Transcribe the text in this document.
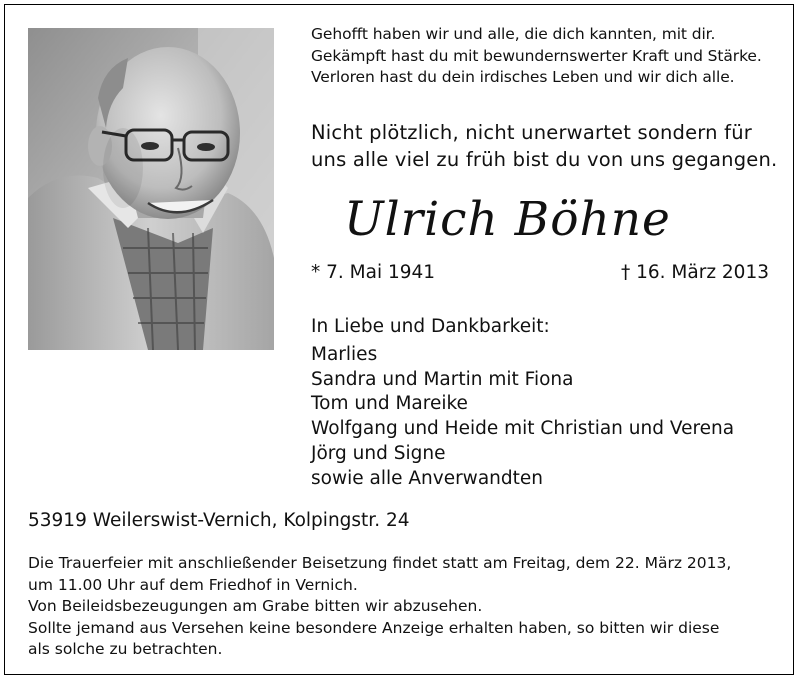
Gehofft haben wir und alle, die dich kannten, mit dir.
Gekämpft hast du mit bewundernswerter Kraft und Stärke.
Verloren hast du dein irdisches Leben und wir dich alle.
Nicht plötzlich, nicht unerwartet sondern für
uns alle viel zu früh bist du von uns gegangen.
Ulrich Böhne
* 7. Mai 1941	† 16. März 2013
In Liebe und Dankbarkeit:
Marlies
Sandra und Martin mit Fiona
Tom und Mareike
Wolfgang und Heide mit Christian und Verena
Jörg und Signe
sowie alle Anverwandten
53919 Weilerswist-Vernich, Kolpingstr. 24
Die Trauerfeier mit anschließender Beisetzung findet statt am Freitag, dem 22. März 2013,
um 11.00 Uhr auf dem Friedhof in Vernich.
Von Beileidsbezeugungen am Grabe bitten wir abzusehen.
Sollte jemand aus Versehen keine besondere Anzeige erhalten haben, so bitten wir diese
als solche zu betrachten.
